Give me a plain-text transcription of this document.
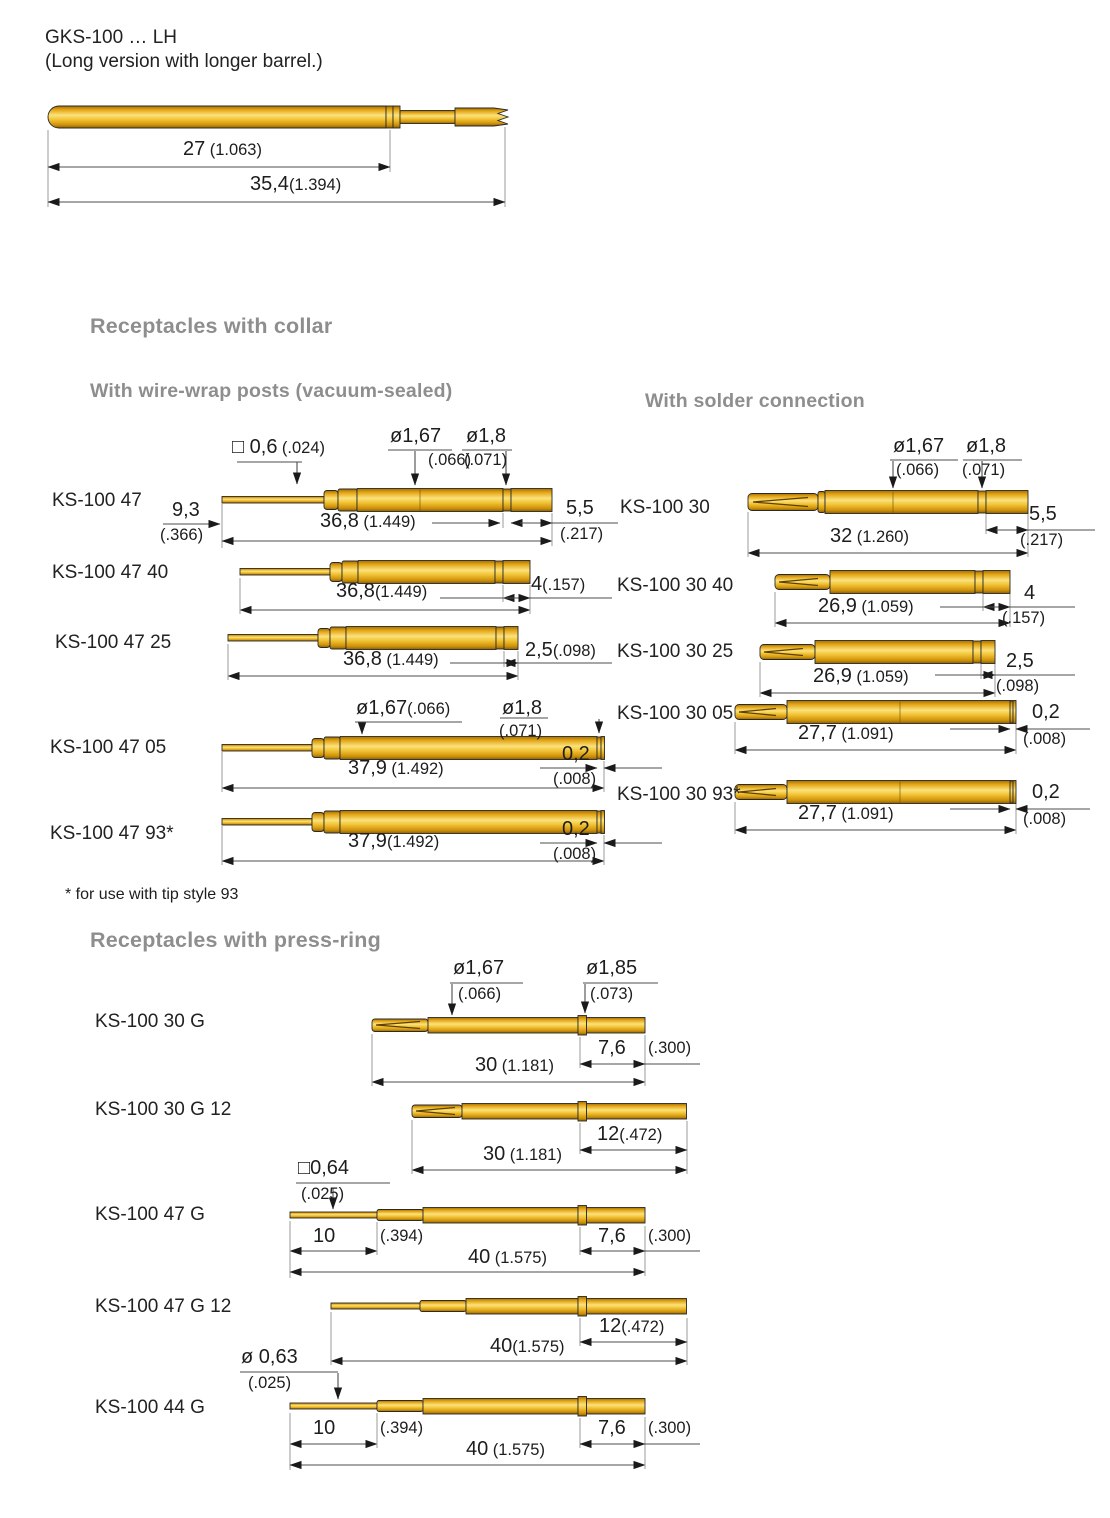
GKS-100 … LH
(Long version with longer barrel.)
27 (1.063)
35,4(1.394)
Receptacles with collar
With wire-wrap posts (vacuum-sealed)	With solder connection
* for use with tip style 93
Receptacles with press-ring
KS-100 47
□ 0,6 (.024)
ø1,67
(.066)
ø1,8
(.071)
9,3
(.366)
36,8 (1.449)
5,5
(.217)
KS-100 47 40
36,8(1.449)	4(.157)
KS-100 47 25
36,8 (1.449)	2,5(.098)
KS-100 47 05
ø1,67(.066)	ø1,8
(.071)
37,9 (1.492)
0,2
(.008)
KS-100 47 93*	37,9(1.492)
0,2
(.008)
KS-100 30
ø1,67
(.066)
ø1,8
(.071)
32 (1.260)
5,5
(.217)
KS-100 30 40
26,9 (1.059)
4
(.157)
KS-100 30 25
26,9 (1.059)
2,5
(.098)
KS-100 30 05
27,7 (1.091)
0,2
(.008)
KS-100 30 93*
27,7 (1.091)
0,2
(.008)
KS-100 30 G
ø1,67
(.066)
ø1,85
(.073)
30 (1.181)
7,6 (.300)
KS-100 30 G 12
30 (1.181)
12(.472)
KS-100 47 G
□0,64
(.025)
10	(.394)
40 (1.575)
7,6 (.300)
KS-100 47 G 12
40(1.575)
12(.472)
KS-100 44 G
ø 0,63
(.025)
10	(.394)
40 (1.575)
7,6 (.300)
